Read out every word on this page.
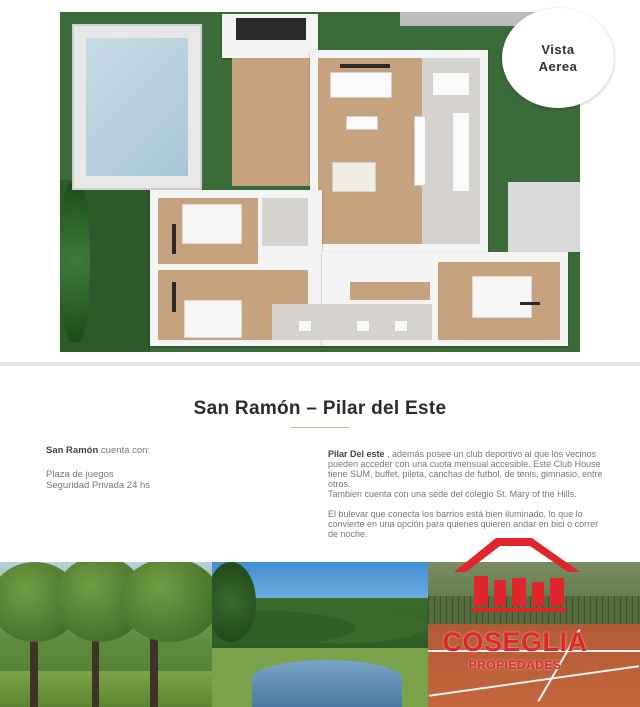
Vista
Aerea
San Ramón – Pilar del Este
San Ramón cuenta con:
Plaza de juegos
Seguridad Privada 24 hs

Pilar Del este , además posee un club deportivo al que los vecinos pueden acceder con una cuota mensual accesible. Este Club House tiene SUM, buffet, pileta, canchas de futbol, de tenis, gimnasio, entre otros.
Tambien cuenta con una sede del colegio St. Mary of the Hills.

El bulevar que conecta los barrios está bien iluminado, lo que lo convierte en una opción para quienes quieren andar en bici o correr de noche.

COSEGLIA
PROPIEDADES
